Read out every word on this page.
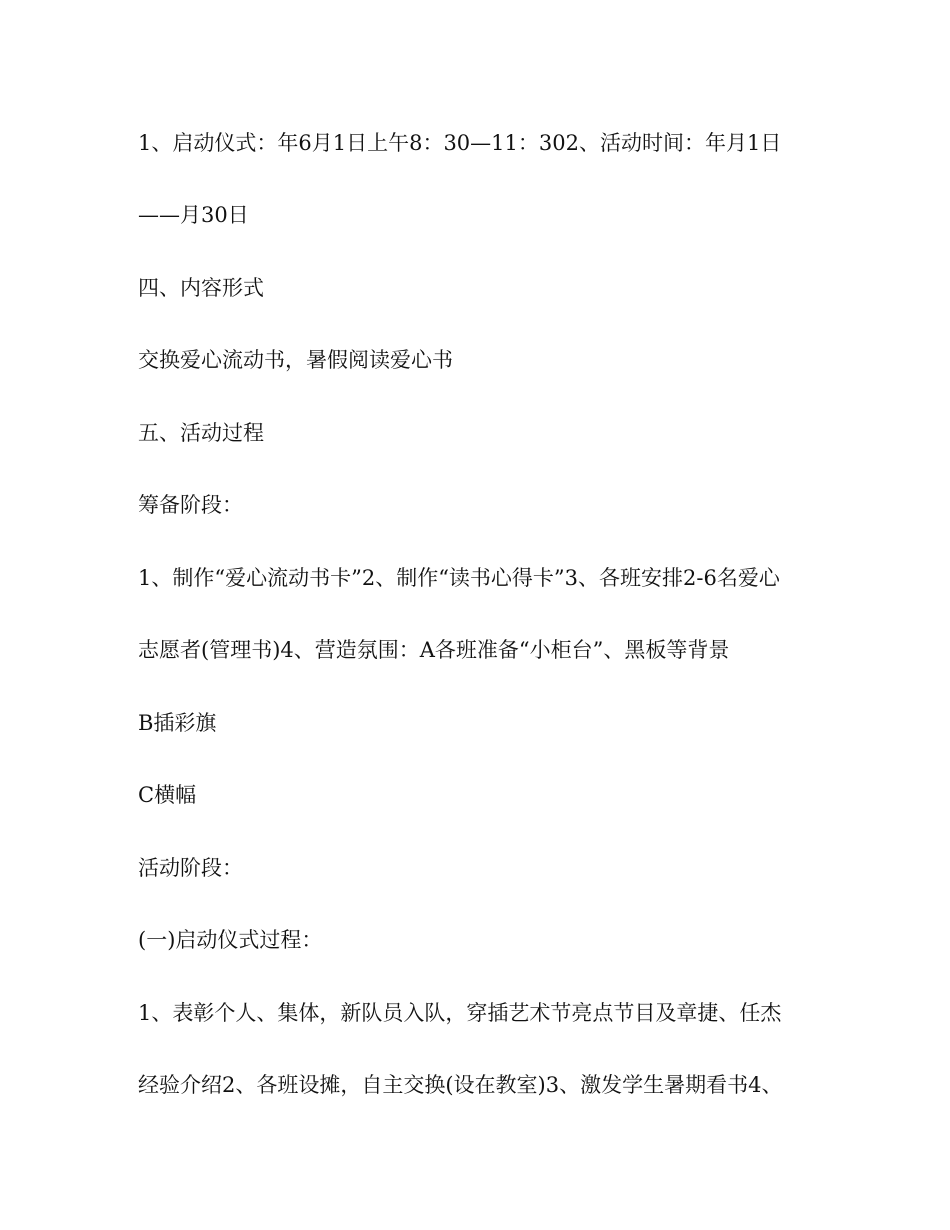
1、启动仪式：年6月1日上午8：30—11：302、活动时间：年月1日
——月30日
四、内容形式
交换爱心流动书，暑假阅读爱心书
五、活动过程
筹备阶段：
1、制作“爱心流动书卡”2、制作“读书心得卡”3、各班安排2-6名爱心
志愿者(管理书)4、营造氛围：A各班准备“小柜台”、黑板等背景
B插彩旗
C横幅
活动阶段：
(一)启动仪式过程：
1、表彰个人、集体，新队员入队，穿插艺术节亮点节目及章捷、任杰
经验介绍2、各班设摊，自主交换(设在教室)3、激发学生暑期看书4、
